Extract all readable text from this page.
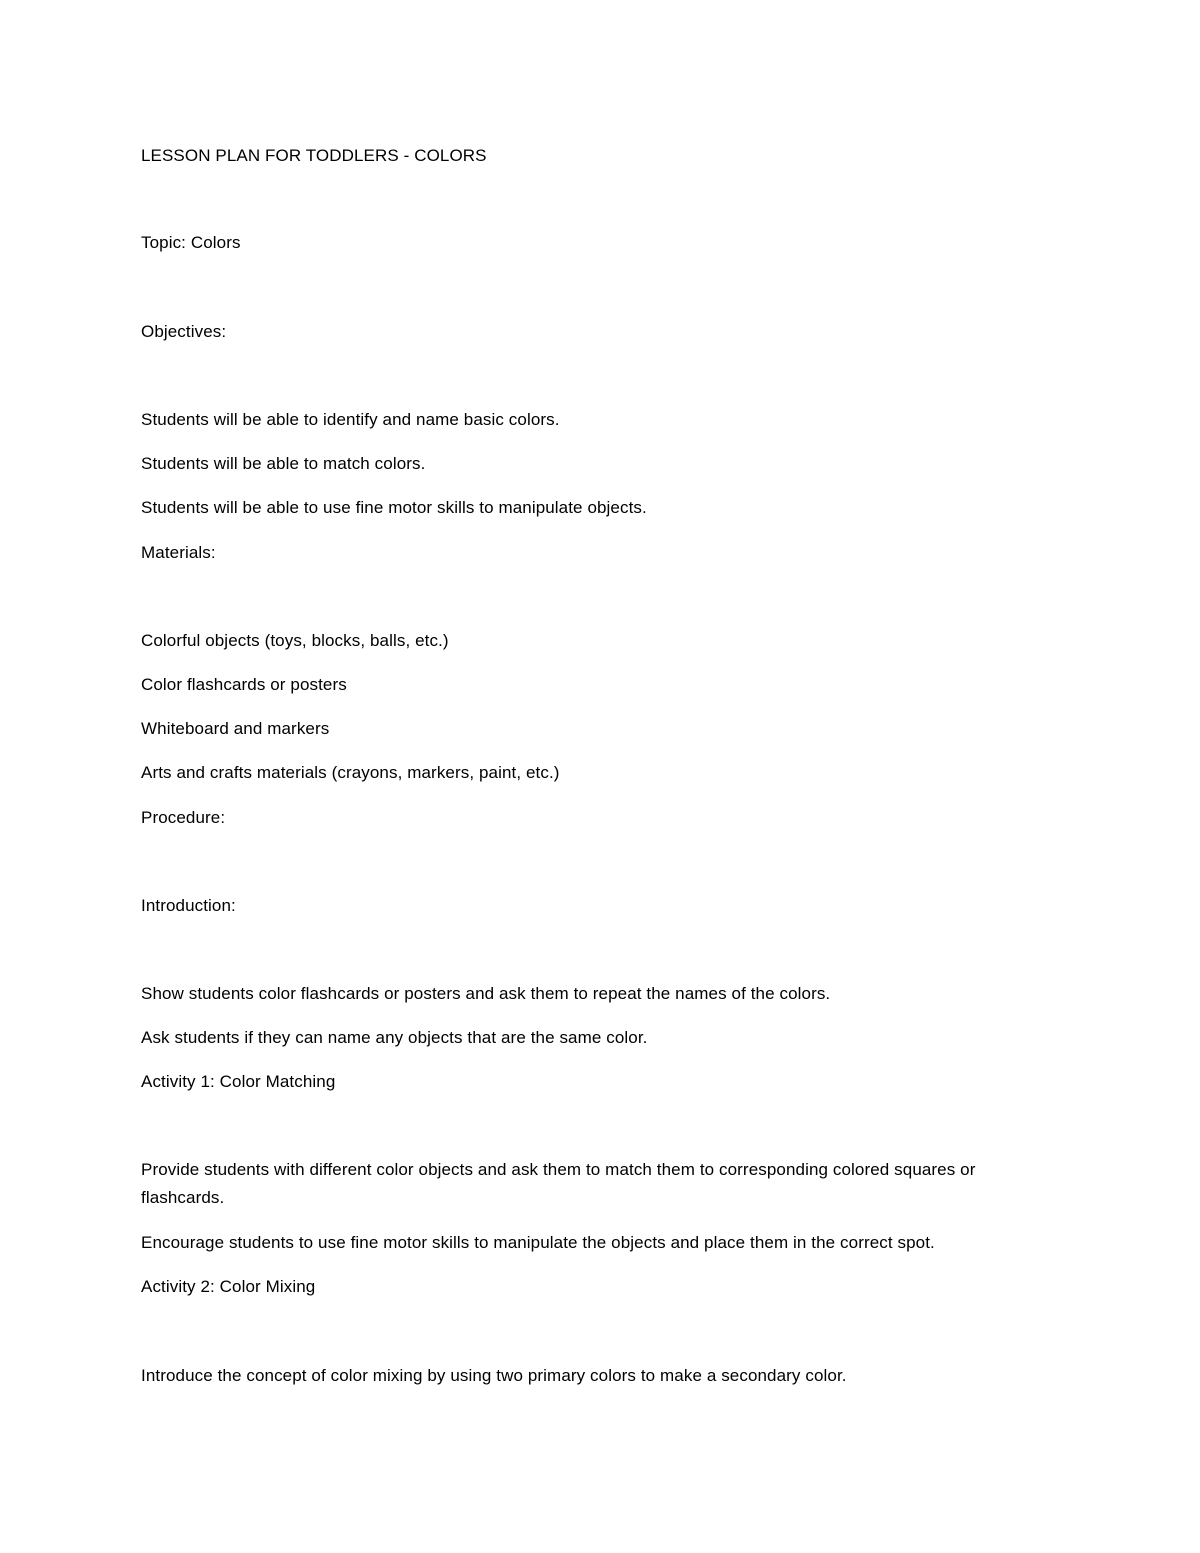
LESSON PLAN FOR TODDLERS - COLORS

Topic: Colors

Objectives:

Students will be able to identify and name basic colors.

Students will be able to match colors.

Students will be able to use fine motor skills to manipulate objects.

Materials:

Colorful objects (toys, blocks, balls, etc.)

Color flashcards or posters

Whiteboard and markers

Arts and crafts materials (crayons, markers, paint, etc.)

Procedure:

Introduction:

Show students color flashcards or posters and ask them to repeat the names of the colors.

Ask students if they can name any objects that are the same color.

Activity 1: Color Matching

Provide students with different color objects and ask them to match them to corresponding colored squares or flashcards.

Encourage students to use fine motor skills to manipulate the objects and place them in the correct spot.

Activity 2: Color Mixing

Introduce the concept of color mixing by using two primary colors to make a secondary color.
